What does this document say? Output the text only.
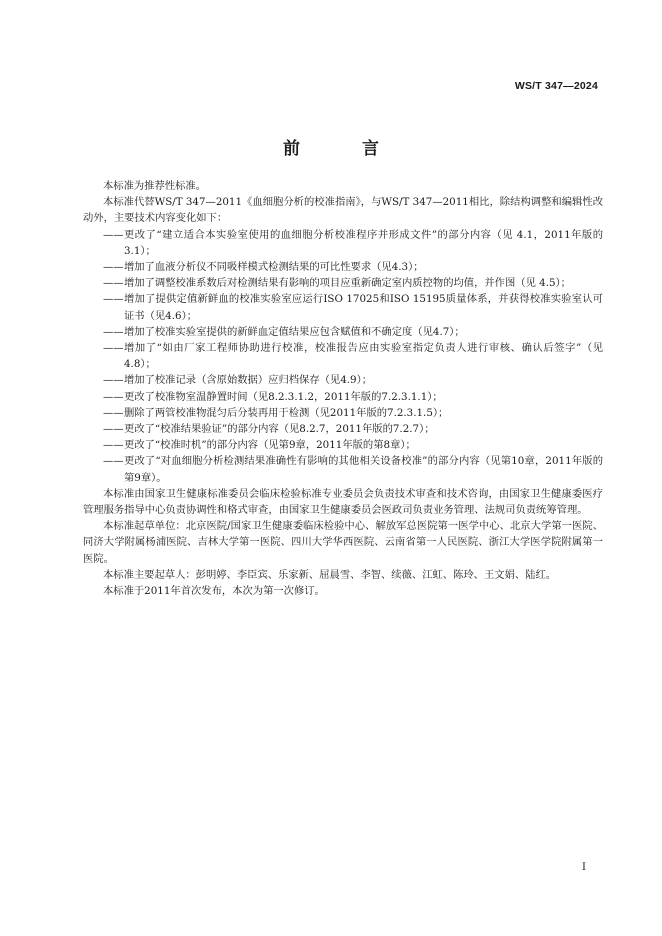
WS/T 347—2024
前 言

本标准为推荐性标准。

本标准代替WS/T 347—2011《血细胞分析的校准指南》，与WS/T 347—2011相比，除结构调整和编辑性改动外，主要技术内容变化如下：

—— 更改了“建立适合本实验室使用的血细胞分析校准程序并形成文件”的部分内容（见 4.1，2011年版的 3.1）；
—— 增加了血液分析仪不同吸样模式检测结果的可比性要求（见4.3）；
—— 增加了调整校准系数后对检测结果有影响的项目应重新确定室内质控物的均值，并作图（见 4.5）；
—— 增加了提供定值新鲜血的校准实验室应运行ISO 17025和ISO 15195质量体系，并获得校准实验室认可证书（见4.6）；
—— 增加了校准实验室提供的新鲜血定值结果应包含赋值和不确定度（见4.7）；
—— 增加了“如由厂家工程师协助进行校准，校准报告应由实验室指定负责人进行审核、确认后签字”（见4.8）；
—— 增加了校准记录（含原始数据）应归档保存（见4.9）；
—— 更改了校准物室温静置时间（见8.2.3.1.2，2011年版的7.2.3.1.1）；
—— 删除了两管校准物混匀后分装再用于检测（见2011年版的7.2.3.1.5）；
—— 更改了“校准结果验证”的部分内容（见8.2.7，2011年版的7.2.7）；
—— 更改了“校准时机”的部分内容（见第9章，2011年版的第8章）；
—— 更改了“对血细胞分析检测结果准确性有影响的其他相关设备校准”的部分内容（见第10章，2011年版的第9章）。

本标准由国家卫生健康标准委员会临床检验标准专业委员会负责技术审查和技术咨询，由国家卫生健康委医疗管理服务指导中心负责协调性和格式审查，由国家卫生健康委员会医政司负责业务管理、法规司负责统筹管理。

本标准起草单位：北京医院/国家卫生健康委临床检验中心、解放军总医院第一医学中心、北京大学第一医院、同济大学附属杨浦医院、吉林大学第一医院、四川大学华西医院、云南省第一人民医院、浙江大学医学院附属第一医院。

本标准主要起草人：彭明婷、李臣宾、乐家新、屈晨雪、李智、续薇、江虹、陈玲、王文娟、陆红。

本标准于2011年首次发布，本次为第一次修订。

I
